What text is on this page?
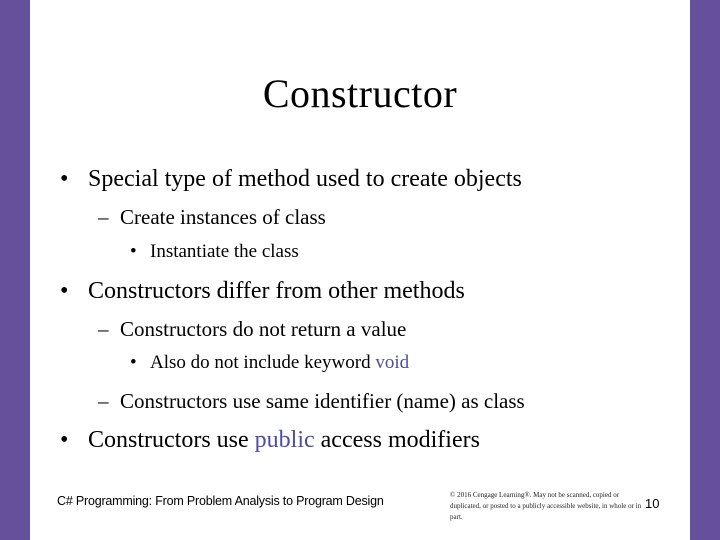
Constructor
• Special type of method used to create objects
– Create instances of class
• Instantiate the class
• Constructors differ from other methods
– Constructors do not return a value
• Also do not include keyword void
– Constructors use same identifier (name) as class
• Constructors use public access modifiers
C# Programming: From Problem Analysis to Program Design	© 2016 Cengage Learning®. May not be scanned, copied or duplicated, or posted to a publicly accessible website, in whole or in part.
10
